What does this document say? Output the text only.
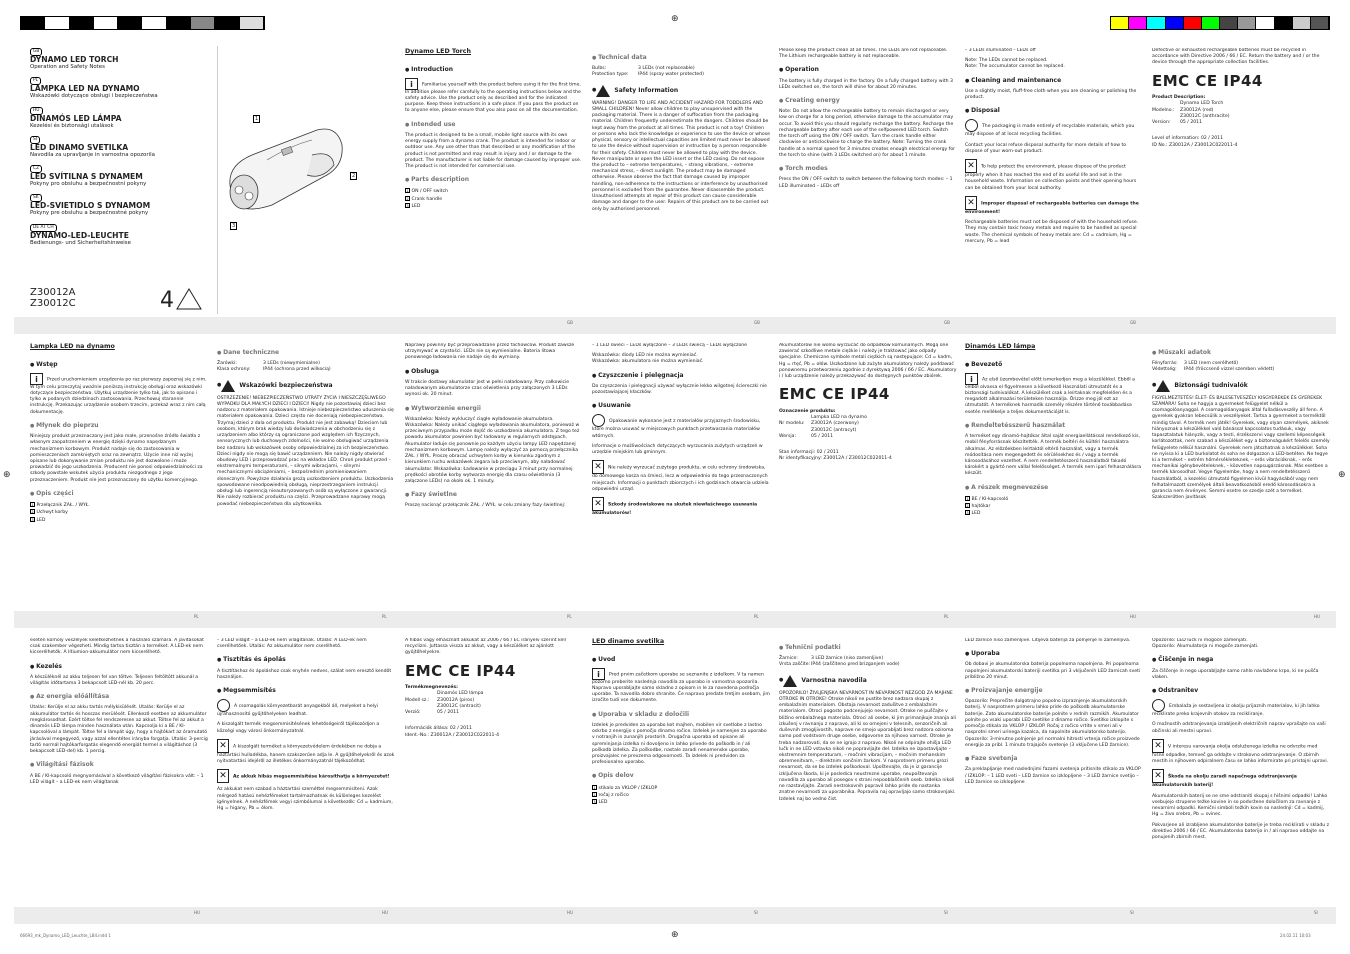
⊕
⊕	⊕
⊕
GB	GB	GB	GB
PL	PL	PL	PL	PL	HU	HU
HU	HU	HU	SI	SI	SI	SI
GB
DYNAMO LED TORCH
Operation and Safety Notes
PL
LAMPKA LED NA DYNAMO
Wskazówki dotyczące obsługi i bezpieczeństwa
HU
DINAMÓS LED LÁMPA
Kezelési és biztonsági utalások
SI
LED DINAMO SVETILKA
Navodila za upravljanje in varnostna opozorila
CZ
LED SVÍTILNA S DYNAMEM
Pokyny pro obsluhu a bezpečnostní pokyny
SK
LED-SVIETIDLO S DYNAMOM
Pokyny pre obsluhu a bezpečnostné pokyny
DE AT CH
DYNAMO-LED-LEUCHTE
Bedienungs- und Sicherheitshinweise
Z30012A
Z30012C	4
1
2
3
Dynamo LED Torch
● Introduction

i Familiarise yourself with the product before using it for the first time. In addition please refer carefully to the operating instructions below and the safety advice. Use the product only as described and for the indicated purpose. Keep these instructions in a safe place. If you pass the product on to anyone else, please ensure that you also pass on all the documentation.

● Intended use

The product is designed to be a small, mobile light source with its own energy supply from a dynamo crank. The product is intended for indoor or outdoor use. Any use other than that described or any modification of the product is not permitted and may result in injury and / or damage to the product. The manufacturer is not liable for damage caused by improper use. The product is not intended for commercial use.

● Parts description
1 ON / OFF switch
2 Crank handle
3 LED
● Technical data
Bulbs:	3 LEDs (not replaceable)
Protection type: IP44 (spray water protected)
● Safety Information

WARNING! DANGER TO LIFE AND ACCIDENT HAZARD FOR TODDLERS AND SMALL CHILDREN! Never allow children to play unsupervised with the packaging material. There is a danger of suffocation from the packaging material. Children frequently underestimate the dangers. Children should be kept away from the product at all times. This product is not a toy! Children or persons who lack the knowledge or experience to use the device or whose physical, sensory or intellectual capacities are limited must never be allowed to use the device without supervision or instruction by a person responsible for their safety. Children must never be allowed to play with the device. Never manipulate or open the LED insert or the LED casing. Do not expose the product to – extreme temperatures, – strong vibrations, – extreme mechanical stress, – direct sunlight. The product may be damaged otherwise. Please observe the fact that damage caused by improper handling, non-adherence to the instructions or interference by unauthorised personnel is excluded from the guarantee. Never disassemble the product. Unauthorised attempts at repair of this product can cause considerable damage and danger to the user. Repairs of this product are to be carried out only by authorised personnel.

Please keep the product clean at all times. The LEDs are not replaceable. The Lithium rechargeable battery is not replaceable.

● Operation

The battery is fully charged in the factory. On a fully charged battery with 3 LEDs switched on, the torch will shine for about 20 minutes.

● Creating energy

Note: Do not allow the rechargeable battery to remain discharged or very low on charge for a long period, otherwise damage to the accumulator may occur. To avoid this you should regularly recharge the battery. Recharge the rechargeable battery after each use of the selfpowered LED torch. Switch the torch off using the ON / OFF switch. Turn the crank handle either clockwise or anticlockwise to charge the battery. Note: Turning the crank handle at a normal speed for 3 minutes creates enough electrical energy for the torch to shine (with 3 LEDs switched on) for about 1 minute.

● Torch modes

Press the ON / OFF switch to switch between the following torch modes: – 1 LED illuminated – LEDs off

– 3 LEDs illuminated – LEDs off

Note: The LEDs cannot be replaced.

Note: The accumulator cannot be replaced.

● Cleaning and maintenance

Use a slightly moist, fluff-free cloth when you are cleaning or polishing the product.

● Disposal

The packaging is made entirely of recyclable materials, which you may dispose of at local recycling facilities.

Contact your local refuse disposal authority for more details of how to dispose of your worn-out product.

✕ To help protect the environment, please dispose of the product properly when it has reached the end of its useful life and not in the household waste. Information on collection points and their opening hours can be obtained from your local authority.

✕ Improper disposal of rechargeable batteries can damage the environment!

Rechargeable batteries must not be disposed of with the household refuse. They may contain toxic heavy metals and require to be handled as special waste. The chemical symbols of heavy metals are: Cd = cadmium, Hg = mercury, Pb = lead

Defective or exhausted rechargeable batteries must be recycled in accordance with Directive 2006 / 66 / EC. Return the battery and / or the device through the appropriate collection facilities.

EMC CE IP44
Product Description:
Dynamo LED Torch
Modelno.: Z30012A (red)
Z30012C (anthracite)
Version: 05 / 2011
Level of information: 02 / 2011
ID No.: Z30012A / Z30012C022011-4
Lampka LED na dynamo
● Wstęp

i Przed uruchomieniem urządzenia po raz pierwszy zapoznaj się z nim. W tym celu przeczytaj uważnie poniższą instrukcję obsługi oraz wskazówki dotyczące bezpieczeństwa. Użytkuj urządzenie tylko tak, jak to opisano i tylko w podanych dziedzinach zastosowania. Przechowuj starannie instrukcję. Przekazując urządzenie osobom trzecim, przekaż wraz z nim całą dokumentację.

● Młynek do pieprzu

Niniejszy produkt przeznaczony jest jako małe, przenośne źródło światła z własnym zaopatrzeniem w energię dzięki dynamo napędzanym mechanizmem korbowym. Produkt nadaje się do zastosowania w pomieszczeniach zamkniętych oraz na zewnątrz. Użycie inne niż wyżej opisane lub dokonywanie zmian produktu nie jest dozwolone i może prowadzić do jego uszkodzenia. Producent nie ponosi odpowiedzialności za szkody powstałe wskutek użycia produktu niezgodnego z jego przeznaczeniem. Produkt nie jest przeznaczony do użytku komercyjnego.

● Opis części
1 Przełącznik ZAŁ. / WYŁ.
2 Uchwyt korby
3 LED
● Dane techniczne
Żarówki:	3 LEDs (niewymienialne)
Klasa ochrony:	IP44 (ochrona przed wilkocią)
● Wskazówki bezpieczeństwa

OSTRZEŻENIE! NIEBEZPIECZEŃSTWO UTRATY ŻYCIA I NIESZCZĘŚLIWEGO WYPADKU DLA MAŁYCH DZIECI I DZIECI! Nigdy nie pozostawiaj dzieci bez nadzoru z materiałem opakowania. Istnieje niebezpieczeństwo uduszenia się materiałem opakowania. Dzieci często nie doceniają niebezpieczeństwa. Trzymaj dzieci z dala od produktu. Produkt nie jest zabawką! Dzieciom lub osobom, którym brak wiedzy lub doświadczenia w obchodzeniu się z urządzeniem albo którzy są ograniczone pod względem ich fizycznych, sensorycznych lub duchowych zdolności, nie wolno obsługiwać urządzenia bez nadzoru lub wskazówek osoby odpowiedzialnej za ich bezpieczeństwo. Dzieci nigdy nie mogą się bawić urządzeniem. Nie należy nigdy otwierać obudowy LED i przeprowadzać prac na wkładce LED. Chroń produkt przed – ekstremalnymi temperaturami, – silnymi wibracjami, – silnymi mechanicznymi obciążeniami, – bezpośrednim promieniowaniem słonecznym. Powyższe działania grożą uszkodzeniem produktu. Uszkodzenia spowodowane nieodpowiednią obsługą, nieprzestrzeganiem instrukcji obsługi lub ingerencją nieautoryzowanych osób są wyłączone z gwarancji. Nie należy rozbierać produktu na części. Przeprowadzane naprawy mogą powodać niebezpieczeństwa dla użytkownika.

Naprawy powinny być przeprowadzane przez fachowców. Produkt zawsze utrzymywać w czystości. LEDs nie są wymienialne. Bateria litowa ponownego ładowania nie nadaje się do wymiany.

● Obsługa

W trakcie dostawy akumulator jest w pełni naładowany. Przy całkowicie naładowanym akumulatorze czas oświetlenia przy załączonych 3 LEDs wynosi ok. 20 minut.

● Wytworzenie energii

Wskazówka: Należy wykluczyć ciągłe wyładowanie akumulatora. Wskazówka: Należy unikać ciągłego wyładowania akumulatora, ponieważ w przeciwnym przypadku może dojść do uszkodzenia akumulatora. Z tego też powodu akumulator powinien być ładowany w regularnych odstępach. Akumulator ładuje się ponownie po każdym użyciu lampy LED napędzanej mechanizmem korbowym. Lampę należy wyłączyć za pomocą przełącznika ZAŁ. / WYŁ. Proszę obracać uchwytem korby w kierunku zgodnym z kierunkiem ruchu wskazówek zegara lub przeciwnym, aby naładować akumulator. Wskazówka: Ładowanie w przeciągu 3 minut przy normalnej prędkości obrotów korby wytwarza energię dla czasu oświetlenia (3 załączone LEDs) na około ok. 1 minuty.

● Fazy świetlne

Proszę nacisnąć przełącznik ZAŁ. / WYŁ. w celu zmiany fazy świetlnej:

– 1 LED świeci – LEDs wyłączone – 3 LEDs świecą – LEDs wyłączone

Wskazówka: diody LED nie można wymieniać.

Wskazówka: akumulatora nie można wymieniać.

● Czyszczenie i pielęgnacja

Do czyszczenia i pielęgnacji używać wyłącznie lekko wilgotnej ściereczki nie pozostawiającej kłaczków.

● Usuwanie

Opakowanie wykonane jest z materiałów przyjaznych środowisku, które można usuwać w miejscowych punktach przetwarzania materiałów wtórnych.

Informacje o możliwościach dotyczących wyrzucania zużytych urządzeń w urzędzie miejskim lub gminnym.

✕ Nie należy wyrzucać zużytego produktu, w celu ochrony środowiska, do domowego kosza na śmieci, lecz w odpowiednio do tego przeznaczonych miejscach. Informacji o punktach zbiorczych i ich godzinach otwarcia udziela odpowiedni urząd.

✕ Szkody środowiskowe na skutek niewłaściwego usuwania akumulatorów!

Akumulatorów nie wolno wyrzucać do odpadków komunalnych. Mogą one zawierać szkodliwe metale ciężkie i należy je traktować jako odpady specjalne. Chemiczne symbole metali ciężkich są następujące: Cd = kadm, Hg = rtęć, Pb = ołów. Uszkodzone lub zużyte akumulatory należy poddawać ponownemu przetworzeniu zgodnie z dyrektywą 2006 / 66 / EC. Akumulatory i / lub urządzenie należy przekazywać do dostępnych punktów zbiórek.

EMC CE IP44
Oznaczenie produktu:
Lampka LED na dynamo
Nr modelu: Z30012A (czerwony)
Z30012C (antracyt)
Wersja:	05 / 2011
Stan informacji: 02 / 2011
Nr identyfikacyjny: Z30012A / Z30012C022011-4
Dinamós LED lámpa
● Bevezető

i Az első üzembevétel előtt ismerkedjen meg a készülékkel. Ebből a célból olvassa el figyelmesen a következő Használati útmutatót és a biztonsági tudnivalókat. A készüléket csak a leírtaknak megfelelően és a megadott alkalmazási területeken használja. Őrizze meg jól ezt az útmutatót. A terméknek harmadik személy részére történő továbbadása esetén mellékelje a teljes dokumentációját is.

● Rendeltetésszerű használat

A terméket egy dinamó-hajtókar által saját energiaellátással rendelkező kis, mobil fényforrásnak készítették. A termék beltéri és kültéri használatra alkalmas. Az előzőekben leírtaktól eltérő használat, vagy a termék módosítása nem megengedett és sérülésekhez és / vagy a termék károsodásához vezethet. A nem rendeltetésszerű használatból fakadó károkért a gyártó nem vállal felelősséget. A termék nem ipari felhasználásra készült.

● A részek megnevezése
1 BE / KI-kapcsoló
2 hajtókar
3 LED
● Műszaki adatok
Fényforrás: 3 LED (nem cserélhető)
Védettség: IP44 (fröccsenő vizzel szemben védett)
● Biztonsági tudnivalók

FIGYELMEZTETÉS! ÉLET- ÉS BALESETVESZÉLY KISGYEREKEK ÉS GYEREKEK SZÁMÁRA! Soha ne hagyja a gyermeket felügyelet nélkül a csomagolóanyaggal. A csomagolóanyagok által fulladásveszély áll fenn. A gyerekek gyakran lebecsülik a veszélyeket. Tartsa a gyermeket a terméktől mindig távol. A termék nem játék! Gyerekek, vagy olyan személyek, akiknek hiányoznak a készülékkel való bánással kapcsolatos tudásuk, vagy tapasztalatuk hiányzik, vagy a testi, érzékszervi vagy szellemi képességeik korlátozottak, nem szabad a készüléket egy a biztonságukért felelős személy felügyelete nélkül használni. Gyerekek nem játszhatnak a készülékkel. Soha ne nyissa ki a LED burkolatot és soha ne dolgozzon a LED-betéten. Ne tegye ki a terméket – extrém hőmérsékleteknek, – erős vibrációknak, – erős mechanikai igénybevételeknek, – közvetlen napsugárzásnak. Más esetben a termék károsodhat. Vegye figyelembe, hogy a nem rendeltetésszerű használatból, a kezelési útmutató figyelmen kívül hagyásából vagy nem felhatalmazott személyek általi beavatkozásból eredő károsodásokra a garancia nem érvényes. Semmi esetre se szedje szét a terméket. Szakszerűtlen javítások

esetén komoly veszélyek keletkezhetnek a használó számára. A javításokat csak szakember végezheti. Mindig tartsa tisztán a terméket. A LED-ek nem kicserélhetők. A lítiumion-akkumulátor nem kicserélhető.

● Kezelés

A készüléknél az akku teljesen fel van töltve. Teljesen feltöltött akkunál a világítás időtartama 3 bekapcsolt LED-nél kb. 20 perc.

● Az energia előállítása

Utalás: Kerülje el az akku tartós mélykisülését. Utalás: Kerülje el az akkumulátor tartós és hosszas merülését. Ellenkező esetben az akkumulátor megkárosodhat. Ezért töltse fel rendszeresen az akkut. Töltse fel az akkut a dinamós LED lámpa minden használata után. Kapcsolja ki a BE / KI-kapcsolóval a lámpát. Töltse fel a lámpát úgy, hogy a hajtókart az óramutató járásával megegyező, vagy azzal ellentétes irányba forgatja. Utalás: 3-percig tartó normál hajtókarforgatás elegendő energiát termel a világításhoz (3 bekapcsolt LED-del) kb. 1 percig.

● Világítási fázisok

A BE / KI-kapcsoló megnyomásával a következő világítási fázisokra vált: – 1 LED világít – a LED-ek nem világítanak

– 3 LED világít – a LED-ek nem világítanak. Utalás: A LED-ek nem cserélhetőek. Utalás: Az akkumulátor nem cserélhető.

● Tisztítás és ápolás

A tisztításhoz és ápoláshoz csak enyhén nedves, szálat nem eresztő kendőt használjon.

● Megsemmisítés

A csomagolás környezetbarát anyagokból áll, melyeket a helyi újrahasznosító gyűjtőhelyeken leadhat.

A kiszolgált termék megsemmisítésének lehetőségeiről tájékozódjon a községi vagy városi önkormányzatnál.

✕ A kiszolgált terméket a környezetvédelem érdekében ne dobja a háztartási hulladékba, hanem szakszerűen adja le. A gyűjtőhelyekről és azok nyitvatartási idejéről az illetékes önkormányzatnál tájékozódhat.

✕ Az akkuk hibás megsemmisítése károsíthatja a környezetet!

Az akkukat nem szabad a háztartási szeméttel megsemmisíteni. Azok mérgező hatású nehézfémeket tartalmazhatnak és különleges kezelést igényelnek. A nehézfémek vegyi szimbólumai a következők: Cd = kadmium, Hg = higany, Pb = ólom.

A hibás vagy elhasznált akkukat az 2006 / 66 / EC irányelv szerint kell recyclizni. Juttassa vissza az akkut, vagy a készüléket az ajánlott gyűjtőhelyekre.

EMC CE IP44
Termékmegnevezés:
Dinamós LED lámpa
Modell sz.: Z30012A (piros)
Z30012C (antracit)
Verzió:	05 / 2011
Információk állása: 02 / 2011
Ident.-No.: Z30012A / Z30012C022011-4
LED dinamo svetilka
● Uvod

i Pred prvim začetkom uporabe se seznanite z izdelkom. V ta namen pozorno preberite naslednja navodila za uporabo in varnostna opozorila. Napravo uporabljajte samo skladno z opisom in le za navedena področja uporabe. Ta navodila dobro shranite. Če napravo predate tretjim osebam, jim izročite tudi vse dokumente.

● Uporaba v skladu z določili

Izdelek je predviden za uporabo kot majhen, mobilen vir svetlobe z lastno oskrbo z energijo s pomočjo dinamo ročice. Izdelek je namenjen za uporabo v notranjih in zunanjih prostorih. Drugačna uporaba od opisane ali spreminjanja izdelka ni dovoljeno in lahko privede do poškodb in / ali poškodb izdelka. Za poškodbe, nastale zaradi nenamenske uporabe, proizvajalec ne prevzema odgovornosti. Ta izdelek ni predviden za profesionalno uporabo.

● Opis delov
1 stikalo za VKLOP / IZKLOP
2 ročaj z ročico
3 LED
● Tehnični podatki
Žarnice:	3 LED žarnice (niso zamenljive)
Vrsta zaščite:IP44 (zaščiteno pred brizganjem vode)
● Varnostna navodila

OPOZORILO! ŽIVLJENJSKA NEVARNOST IN NEVARNOST NEZGOD ZA MAJHNE OTROKE IN OTROKE! Otroke nikoli ne pustite brez nadzora skupaj z embalažnim materialom. Obstaja nevarnost zadušitve z embalažnim materialom. Otroci pogosto podcenjujejo nevarnost. Otroke ne puščajte v bližino embalažnega materiala. Otroci ali osebe, ki jim primanjkuje znanja ali izkušenj v ravnanju z napravo, ali ki so omejeni v telesnih, senzoričnih ali duševnih zmogljivostih, naprave ne smejo uporabljati brez nadzora oziroma samo pod vodstvom druge osebe, odgovorne za njihovo varnost. Otroke je treba nadzorovati, da se ne igrajo z napravo. Nikoli ne odpirajte ohišja LED lučk in ne LED vstavka nikoli ne popravljajte del. Izdelka ne izpostavljajte – ekstremnim temperaturam, – močnim vibracijam, – močnim mehanskim obremenitvam, – direktnim sončnim žarkom. V nasprotnem primeru grozi nevarnost, da se bo izdelek poškodoval. Upoštevajte, da je iz garancije izključena škoda, ki je posledica neustrezne uporabe, neupoštevanja navodila za uporabo ali posegov s strani nepooblaščenih oseb. Izdelka nikoli ne razstavljajte. Zaradi nestrokovnih popravil lahko pride do nastanka znatne nevarnosti za uporabnika. Popravila naj opravljajo samo strokovnjaki. Izdelek naj bo vedno čist.

LED žarnice niso zamenljive. Litijeva baterija za polnjenje ni zamenljiva.

● Uporaba

Ob dobavi je akumulatorska baterija popolnoma napolnjena. Pri popolnoma napolnjeni akumulatorski bateriji svetilka pri 3 vključenih LED žarnicah sveti približno 20 minut.

● Proizvajanje energije

Opozorilo: Preprečite dolgotrajno popolno izpraznjenje akumulatorskih baterij. V nasprotnem primeru lahko pride do poškodb akumulatorske baterije. Zato akumulatorske baterije polnite v rednih razmikih. Akumulator polnite po vsaki uporabi LED svetilke z dinamo ročico. Svetilko izklopite s pomočjo stikala za VKLOP / IZKLOP. Ročaj z ročico vrtite v smeri ali v nasprotni smeri urinega kazalca, da napolnite akumulatorsko baterijo. Opozorilo: 3-minutno polnjenje pri normalni hitrosti vrtenja ročice proizvede energijo za pribl. 1 minuto trajajoče svetenje (3 vključene LED žarnice).

● Faze svetenja

Za preklapljanje med naslednjimi fazami svetenja pritisnite stikalo za VKLOP / IZKLOP: – 1 LED sveti – LED žarnice so izklopljene – 3 LED žarnice svetijo – LED žarnice so izklopljene

Opozorilo: LED lučk ni mogoče zamenjati.

Opozorilo: Akumulatorja ni mogoče zamenjati.

● Čiščenje in nega

Za čiščenje in nego uporabljajte samo rahlo navlaženo krpo, ki ne pušča vlaken.

● Odstranitev

Embalaža je sestavljena iz okolju prijaznih materialov, ki jih lahko reciklirate preko krajevnih otokov za recikliranje.

O možnostih odstranjevanja izrabljenih električnih naprav vprašajte na vaši občinski ali mestni upravi.

✕ V interesu varovanja okolja odsluženega izdelka ne odvrzite med hišne odpadke, temveč ga oddajte v strokovno odstranjevanje. O zbirnih mestih in njihovem odpiralnem času se lahko informirate pri pristojni upravi.

✕ Škoda na okolju zaradi napačnega odstranjevanja akumulatorskih baterij!

Akumulatorskih baterij se ne sme odstraniti skupaj s hišnimi odpadki! Lahko vsebujejo strupene težke kovine in so podvržene določilom za ravnanje z nevarnimi odpadki. Kemični simboli težkih kovin so naslednji: Cd = kadmij, Hg = živo srebro, Pb = svinec.

Pokvarjene ali izrabljene akumulatorske baterije je treba reciklirati v skladu z direktivo 2006 / 66 / EC. Akumulatorsko baterijo in / ali napravo oddajte na ponujenih zbirnih mest.

66693_mk_Dynamo_LED_Leuchte_LB4.indd 1	24.02.11 10:03
